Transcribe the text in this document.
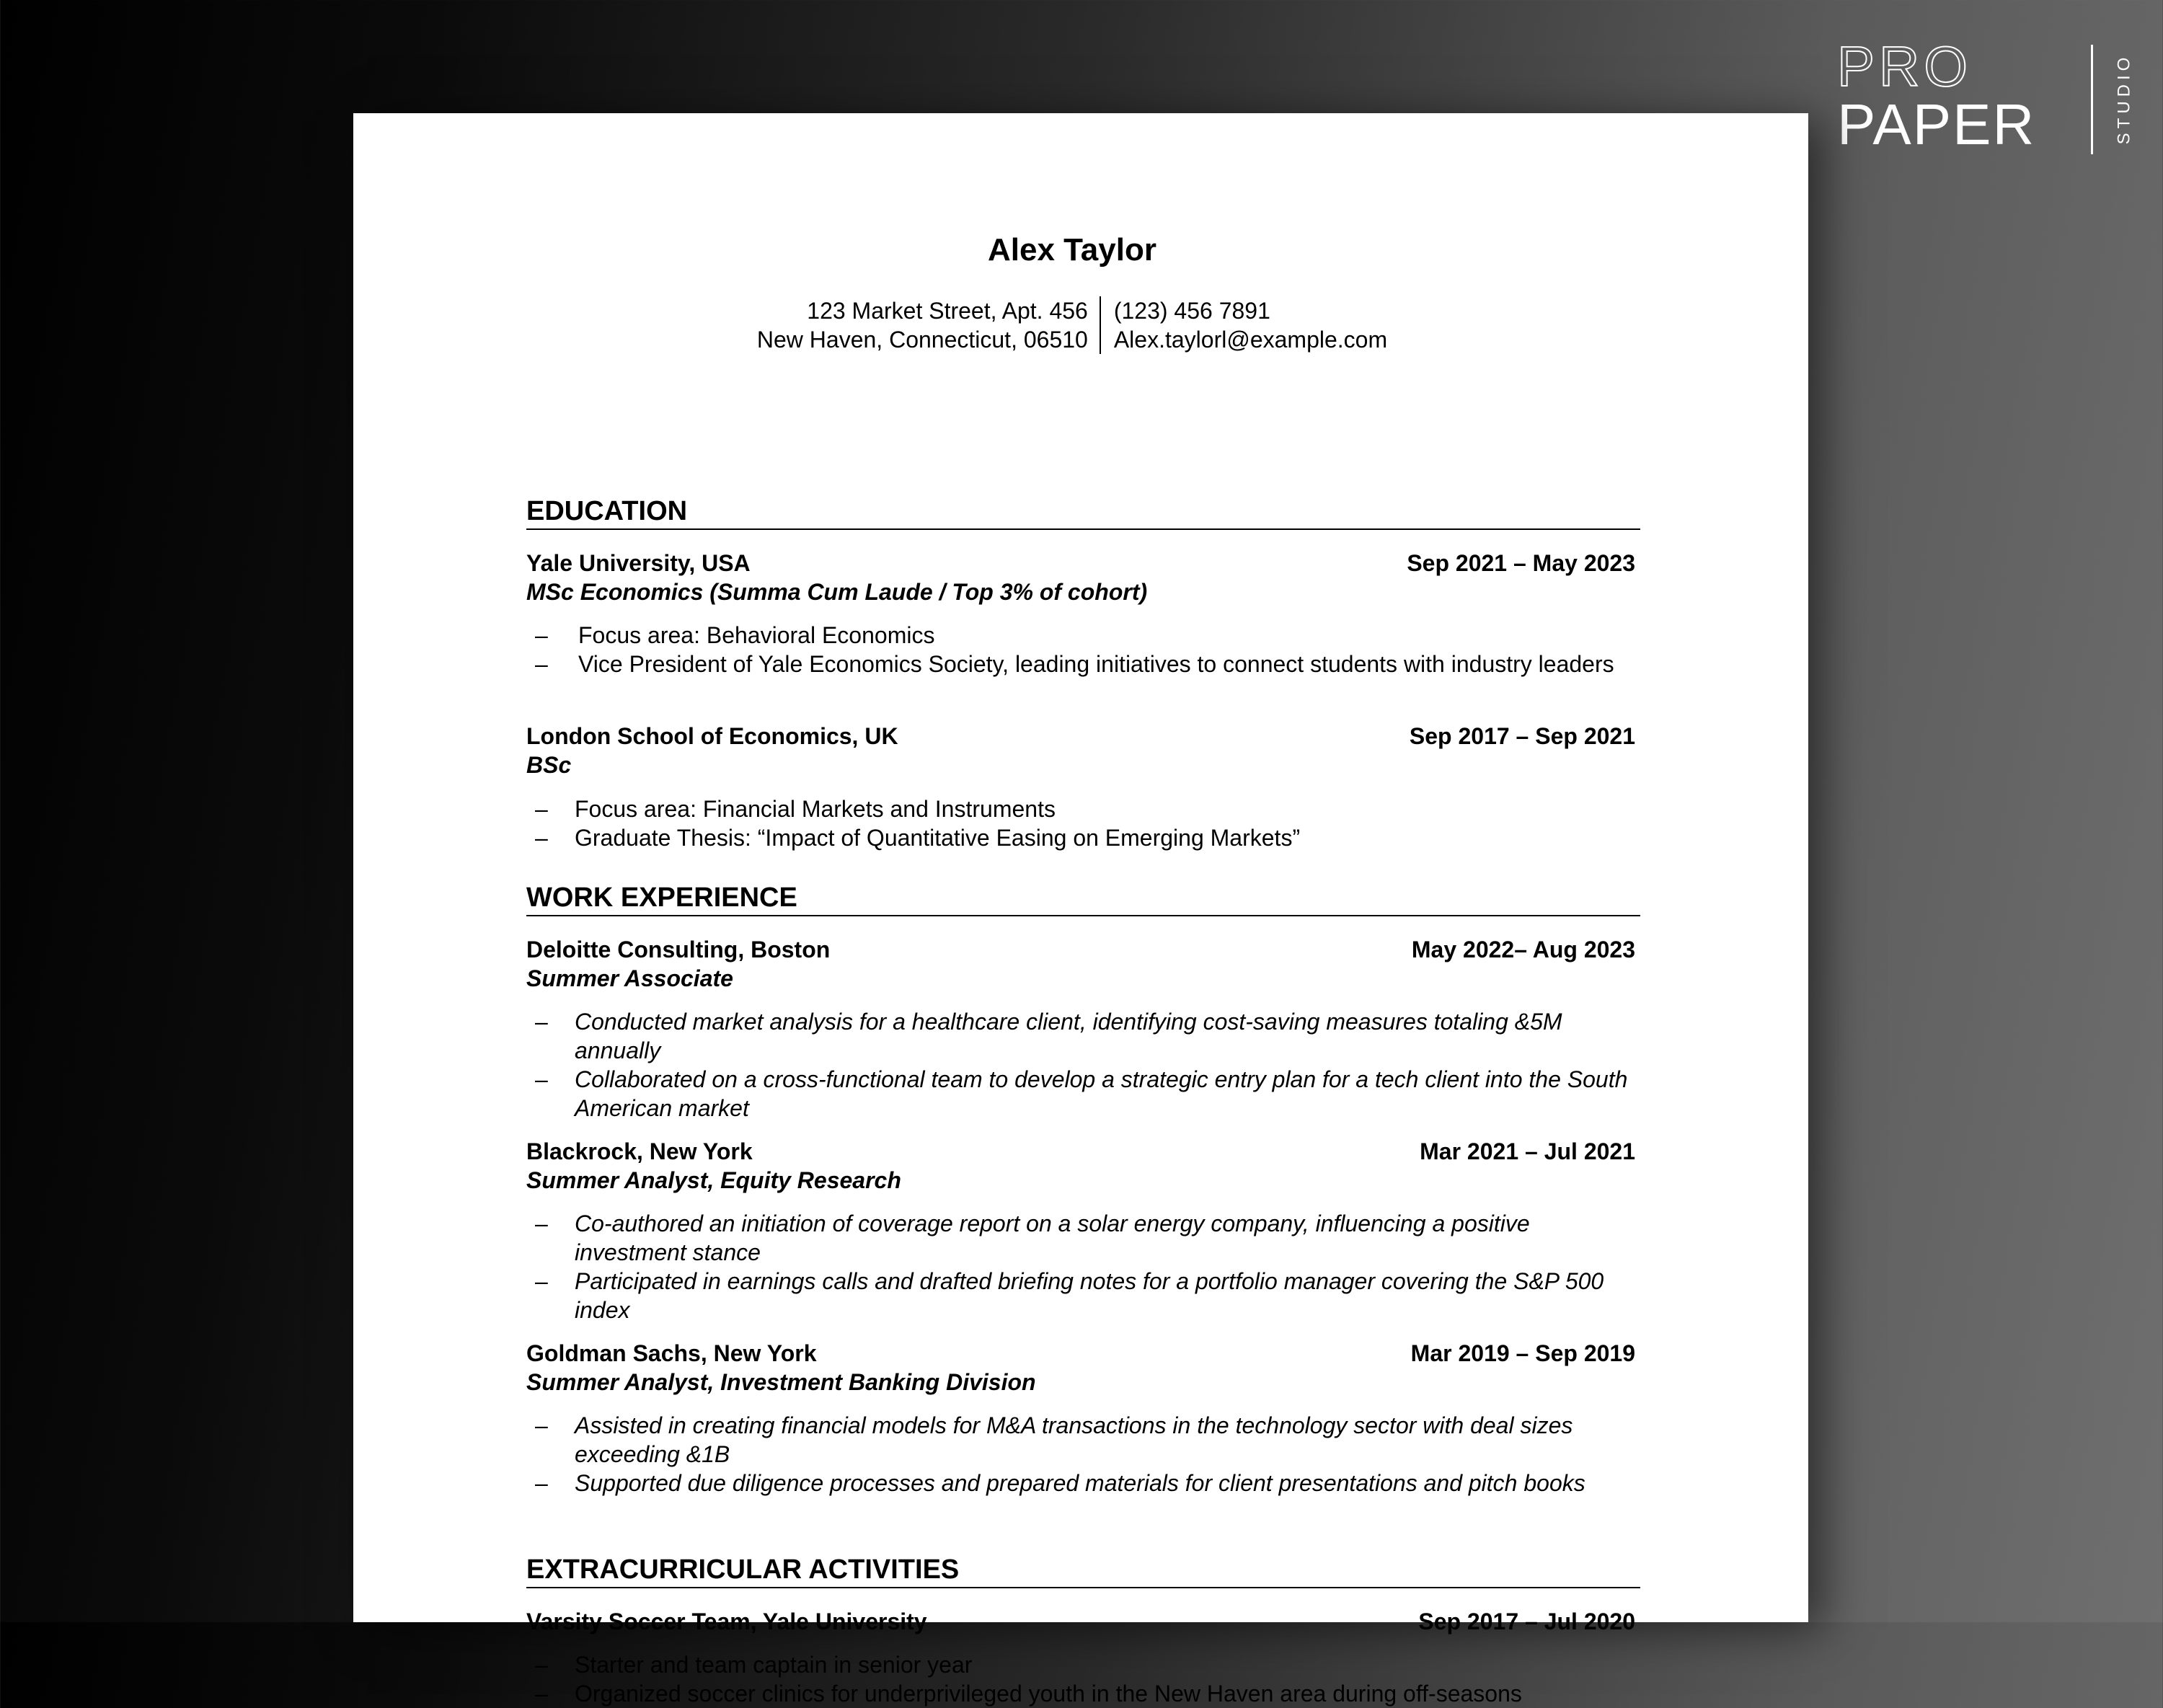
PRO
PAPER	STUDIO
Alex Taylor
123 Market Street, Apt. 456
New Haven, Connecticut, 06510
(123) 456 7891
Alex.taylorl@example.com
EDUCATION
Yale University, USA	Sep 2021 – May 2023
MSc Economics (Summa Cum Laude / Top 3% of cohort)
– Focus area: Behavioral Economics
– Vice President of Yale Economics Society, leading initiatives to connect students with industry leaders
London School of Economics, UK	Sep 2017 – Sep 2021
BSc
– Focus area: Financial Markets and Instruments
– Graduate Thesis: “Impact of Quantitative Easing on Emerging Markets”
WORK EXPERIENCE
Deloitte Consulting, Boston	May 2022– Aug 2023
Summer Associate
– Conducted market analysis for a healthcare client, identifying cost-saving measures totaling &5M annually
– Collaborated on a cross-functional team to develop a strategic entry plan for a tech client into the South American market
Blackrock, New York	Mar 2021 – Jul 2021
Summer Analyst, Equity Research
– Co-authored an initiation of coverage report on a solar energy company, influencing a positive investment stance
– Participated in earnings calls and drafted briefing notes for a portfolio manager covering the S&P 500 index
Goldman Sachs, New York	Mar 2019 – Sep 2019
Summer Analyst, Investment Banking Division
– Assisted in creating financial models for M&A transactions in the technology sector with deal sizes exceeding &1B
– Supported due diligence processes and prepared materials for client presentations and pitch books
EXTRACURRICULAR ACTIVITIES
Varsity Soccer Team, Yale University	Sep 2017 – Jul 2020
– Starter and team captain in senior year
– Organized soccer clinics for underprivileged youth in the New Haven area during off-seasons
